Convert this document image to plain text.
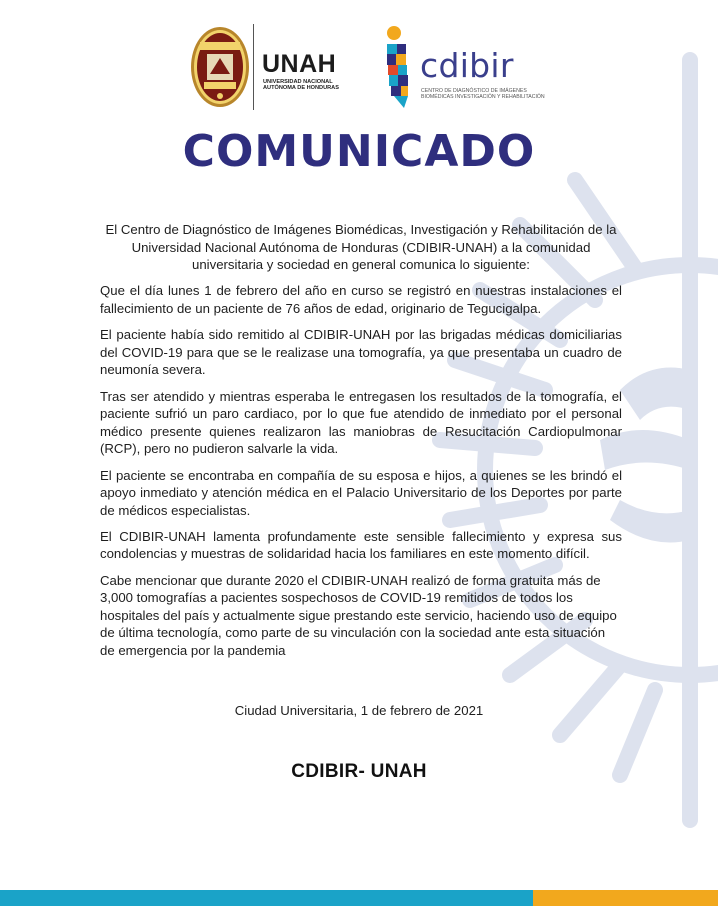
UNAH
UNIVERSIDAD NACIONAL
AUTÓNOMA DE HONDURAS
cdibir
CENTRO DE DIAGNÓSTICO DE IMÁGENES
BIOMÉDICAS INVESTIGACIÓN Y REHABILITACIÓN
COMUNICADO

El Centro de Diagnóstico de Imágenes Biomédicas, Investigación y Rehabilitación de la Universidad Nacional Autónoma de Honduras (CDIBIR-UNAH) a la comunidad universitaria y sociedad en general comunica lo siguiente:

Que el día lunes 1 de febrero del año en curso se registró en nuestras instalaciones el fallecimiento de un paciente de 76 años de edad, originario de Tegucigalpa.

El paciente había sido remitido al CDIBIR-UNAH por las brigadas médicas domiciliarias del COVID-19 para que se le realizase una tomografía, ya que presentaba un cuadro de neumonía severa.

Tras ser atendido y mientras esperaba le entregasen los resultados de la tomografía, el paciente sufrió un paro cardiaco, por lo que fue atendido de inmediato por el personal médico presente quienes realizaron las maniobras de Resucitación Cardiopulmonar (RCP), pero no pudieron salvarle la vida.

El paciente se encontraba en compañía de su esposa e hijos, a quienes se les brindó el apoyo inmediato y atención médica en el Palacio Universitario de los Deportes por parte de médicos especialistas.

El CDIBIR-UNAH lamenta profundamente este sensible fallecimiento y expresa sus condolencias y muestras de solidaridad hacia los familiares en este momento difícil.

Cabe mencionar que durante 2020 el CDIBIR-UNAH realizó de forma gratuita más de 3,000 tomografías a pacientes sospechosos de COVID-19 remitidos de todos los hospitales del país y actualmente sigue prestando este servicio, haciendo uso de equipo de última tecnología, como parte de su vinculación con la sociedad ante esta situación de emergencia por la pandemia

Ciudad Universitaria, 1 de febrero de 2021
CDIBIR- UNAH
